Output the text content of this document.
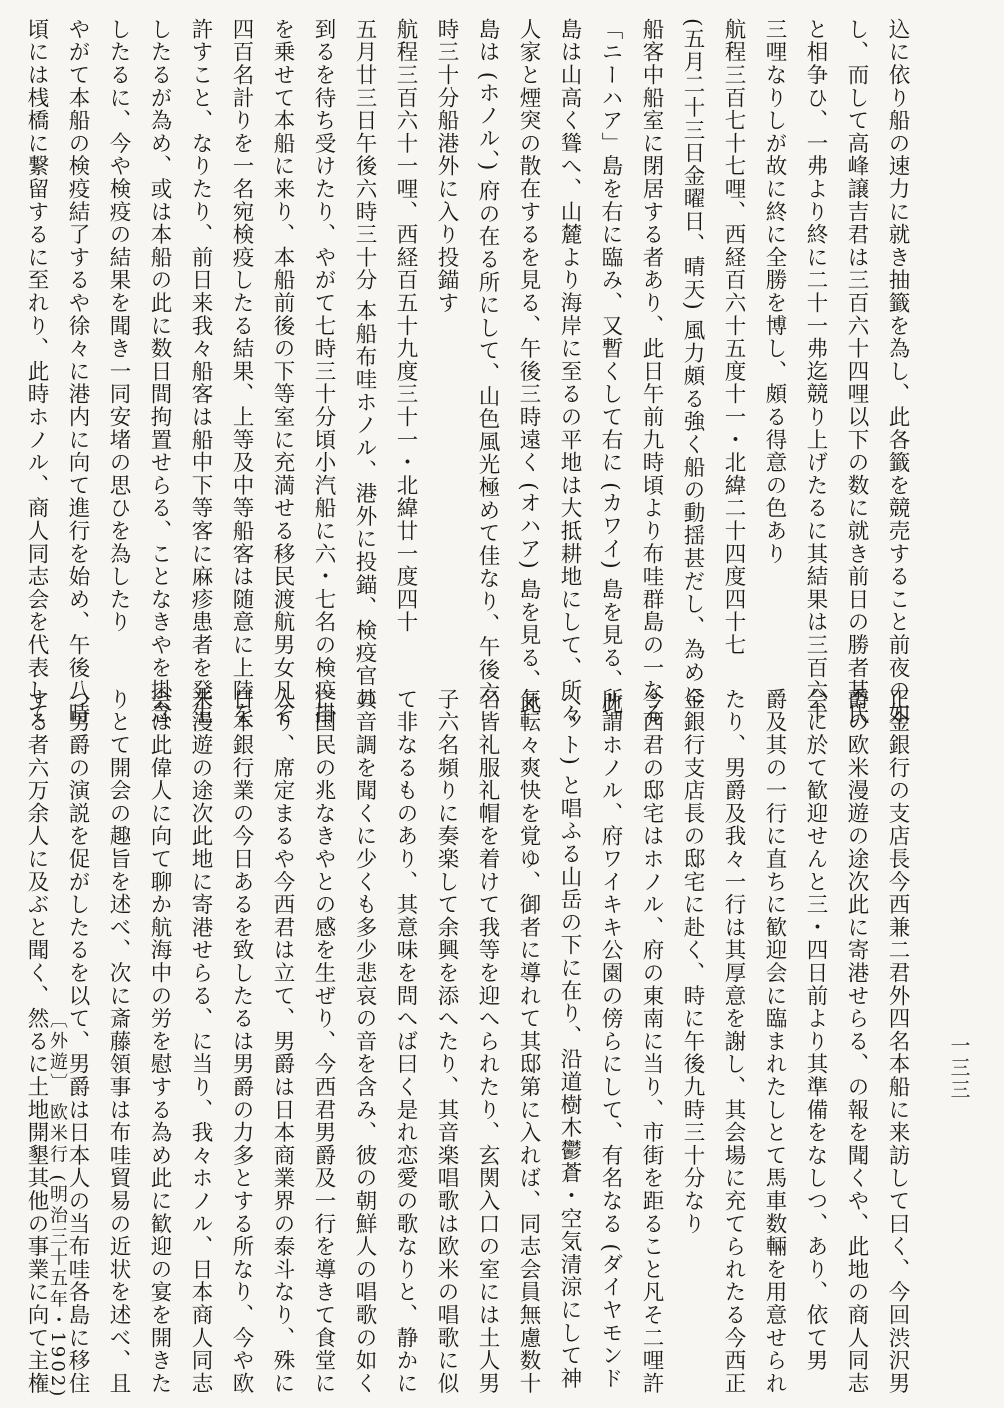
込に依り船の速力に就き抽籤を為し、此各籤を競売すること前夜の如

し、而して高峰譲吉君は三百六十四哩以下の数に就き前日の勝者某氏

と相争ひ、一弗より終に二十一弗迄競り上げたるに其結果は三百六十

三哩なりしが故に終に全勝を博し、頗る得意の色あり

航程三百七十七哩、西経百六十五度十一・北緯二十四度四十七

(五月二十三日金曜日、晴天) 風力頗る強く船の動揺甚だし、為めに

船客中船室に閉居する者あり、此日午前九時頃より布哇群島の一なる

「ニーハア」島を右に臨み、又暫くして右に (カワイ) 島を見る、此

島は山高く聳へ、山麓より海岸に至るの平地は大抵耕地にして、所々

人家と煙突の散在するを見る、午後三時遠く (オハア) 島を見る、此

島は (ホノル、) 府の在る所にして、山色風光極めて佳なり、午後六

時三十分船港外に入り投錨す

航程三百六十一哩、西経百五十九度三十一・北緯廿一度四十

五月廿三日午後六時三十分 本船布哇ホノル、港外に投錨、検疫官の

到るを待ち受けたり、やがて七時三十分頃小汽船に六・七名の検疫掛

を乗せて本船に来り、本船前後の下等室に充満せる移民渡航男女凡そ

四百名計りを一名宛検疫したる結果、上等及中等船客は随意に上陸を

許すこと、なりたり、前日来我々船客は船中下等客に麻疹患者を発生

したるが為め、或は本船の此に数日間拘置せらる、ことなきやを掛念

したるに、今や検疫の結果を聞き一同安堵の思ひを為したり

やがて本船の検疫結了するや徐々に港内に向て進行を始め、午後八時

頃には桟橋に繋留するに至れり、此時ホノル、商人同志会を代表して

正金銀行の支店長今西兼二君外四名本船に来訪して曰く、今回渋沢男

爵の欧米漫遊の途次此に寄港せらる、の報を聞くや、此地の商人同志

会に於て歓迎せんと三・四日前より其準備をなしつ、あり、依て男

爵及其の一行に直ちに歓迎会に臨まれたしとて馬車数輛を用意せられ

たり、男爵及我々一行は其厚意を謝し、其会場に充てられたる今西正

金銀行支店長の邸宅に赴く、時に午後九時三十分なり

今西君の邸宅はホノル、府の東南に当り、市街を距ること凡そ二哩許

所謂ホノル、府ワイキキ公園の傍らにして、有名なる (ダイヤモンド

ヘット) と唱ふる山岳の下に在り、沿道樹木鬱蒼・空気清涼にして神

気転々爽快を覚ゆ、御者に導れて其邸第に入れば、同志会員無慮数十

名皆礼服礼帽を着けて我等を迎へられたり、玄関入口の室には土人男

子六名頻りに奏楽して余興を添へたり、其音楽唱歌は欧米の唱歌に似

て非なるものあり、其意味を問へば曰く是れ恋愛の歌なりと、静かに

其音調を聞くに少くも多少悲哀の音を含み、彼の朝鮮人の唱歌の如く

亡国民の兆なきやとの感を生ぜり、今西君男爵及一行を導きて食堂に

入り、席定まるや今西君は立て、男爵は日本商業界の泰斗なり、殊に

日本銀行業の今日あるを致したるは男爵の力多とする所なり、今や欧

米漫遊の途次此地に寄港せらる、に当り、我々ホノル、日本商人同志

会は此偉人に向て聊か航海中の労を慰する為め此に歓迎の宴を開きた

りとて開会の趣旨を述べ、次に斎藤領事は布哇貿易の近状を述べ、且

つ男爵の演説を促がしたるを以て、男爵は日本人の当布哇各島に移住

する者六万余人に及ぶと聞く、然るに土地開墾其他の事業に向て主権	一三三
〔外遊〕 欧米行 (明治三十五年・1902)
